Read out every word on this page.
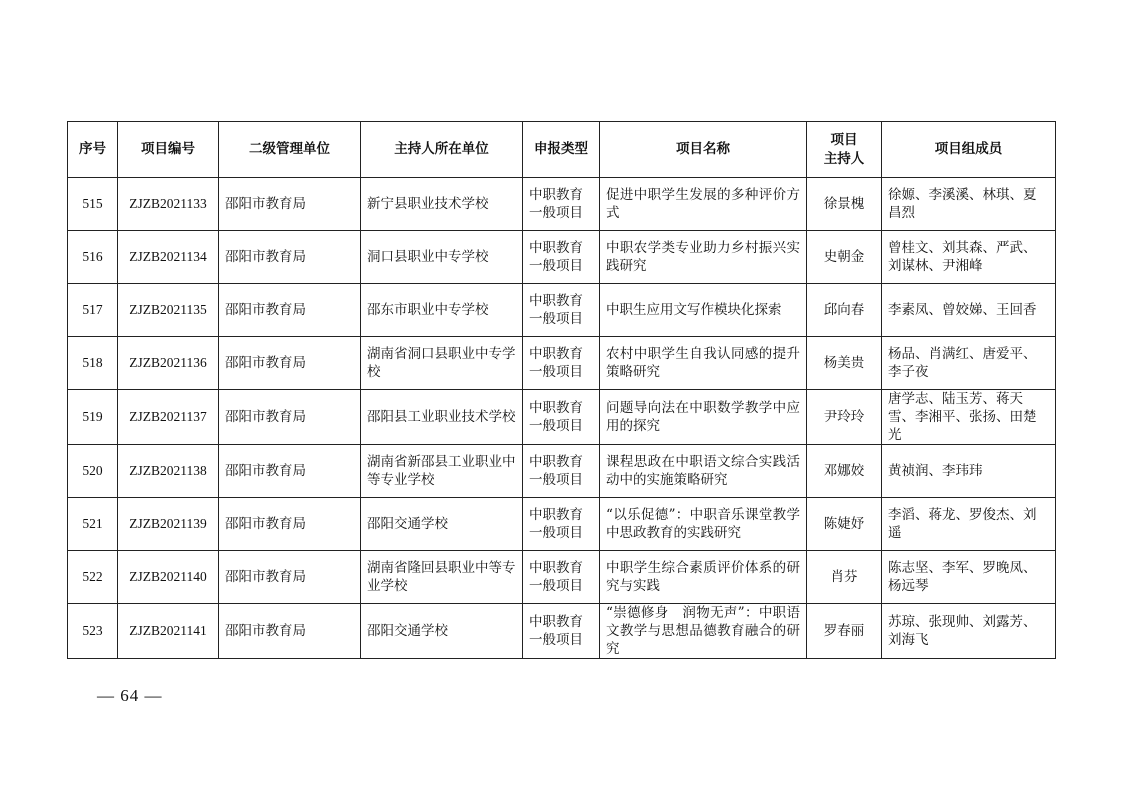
序号	项目编号	二级管理单位	主持人所在单位	申报类型	项目名称	项目
主持人	项目组成员
515	ZJZB2021133	邵阳市教育局	新宁县职业技术学校	中职教育一般项目	促进中职学生发展的多种评价方式	徐景槐	徐嫄、李溪溪、林琪、夏昌烈
516	ZJZB2021134	邵阳市教育局	洞口县职业中专学校	中职教育一般项目	中职农学类专业助力乡村振兴实践研究	史朝金	曾桂文、刘其森、严武、刘谋林、尹湘峰
517	ZJZB2021135	邵阳市教育局	邵东市职业中专学校	中职教育一般项目	中职生应用文写作模块化探索	邱向春	李素凤、曾姣娣、王回香
518	ZJZB2021136	邵阳市教育局	湖南省洞口县职业中专学校	中职教育一般项目	农村中职学生自我认同感的提升策略研究	杨美贵	杨品、肖满红、唐爱平、李子夜
519	ZJZB2021137	邵阳市教育局	邵阳县工业职业技术学校	中职教育一般项目	问题导向法在中职数学教学中应用的探究	尹玲玲	唐学志、陆玉芳、蒋天雪、李湘平、张扬、田楚光
520	ZJZB2021138	邵阳市教育局	湖南省新邵县工业职业中等专业学校	中职教育一般项目	课程思政在中职语文综合实践活动中的实施策略研究	邓娜姣	黄祯润、李玮玮
521	ZJZB2021139	邵阳市教育局	邵阳交通学校	中职教育一般项目	“以乐促德”：中职音乐课堂教学中思政教育的实践研究	陈婕妤	李滔、蒋龙、罗俊杰、刘遥
522	ZJZB2021140	邵阳市教育局	湖南省隆回县职业中等专业学校	中职教育一般项目	中职学生综合素质评价体系的研究与实践	肖芬	陈志坚、李军、罗晚凤、杨远琴
523	ZJZB2021141	邵阳市教育局	邵阳交通学校	中职教育一般项目	“崇德修身　润物无声”：中职语文教学与思想品德教育融合的研究	罗春丽	苏琼、张现帅、刘露芳、刘海飞
— 64 —
